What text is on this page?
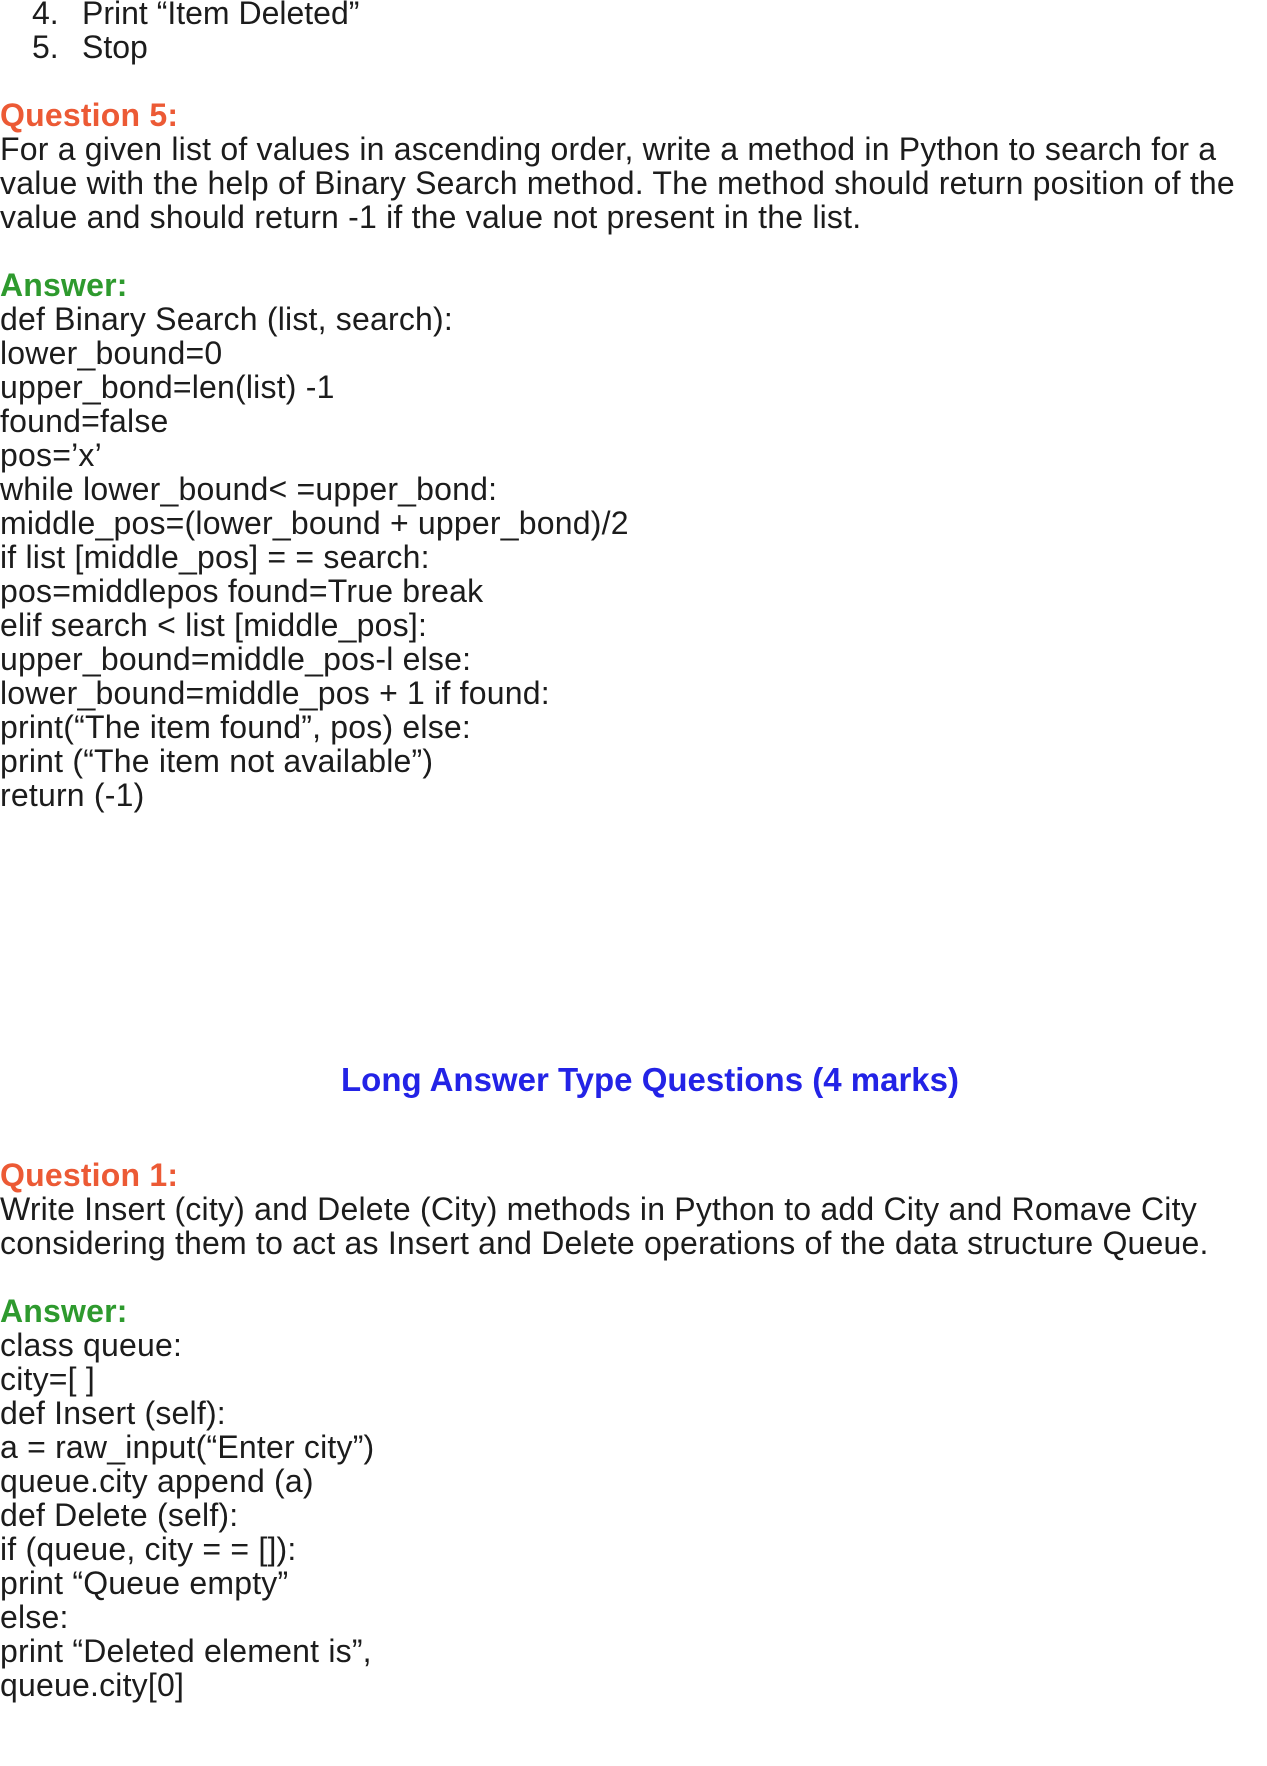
4. Print “Item Deleted”
5. Stop
Question 5:
For a given list of values in ascending order, write a method in Python to search for a
value with the help of Binary Search method. The method should return position of the
value and should return -1 if the value not present in the list.
Answer:
def Binary Search (list, search):
lower_bound=0
upper_bond=len(list) -1
found=false
pos=’x’
while lower_bound< =upper_bond:
middle_pos=(lower_bound + upper_bond)/2
if list [middle_pos] = = search:
pos=middlepos found=True break
elif search < list [middle_pos]:
upper_bound=middle_pos-l else:
lower_bound=middle_pos + 1 if found:
print(“The item found”, pos) else:
print (“The item not available”)
return (-1)
Long Answer Type Questions (4 marks)
Question 1:
Write Insert (city) and Delete (City) methods in Python to add City and Romave City
considering them to act as Insert and Delete operations of the data structure Queue.
Answer:
class queue:
city=[ ]
def Insert (self):
a = raw_input(“Enter city”)
queue.city append (a)
def Delete (self):
if (queue, city = = []):
print “Queue empty”
else:
print “Deleted element is”,
queue.city[0]
